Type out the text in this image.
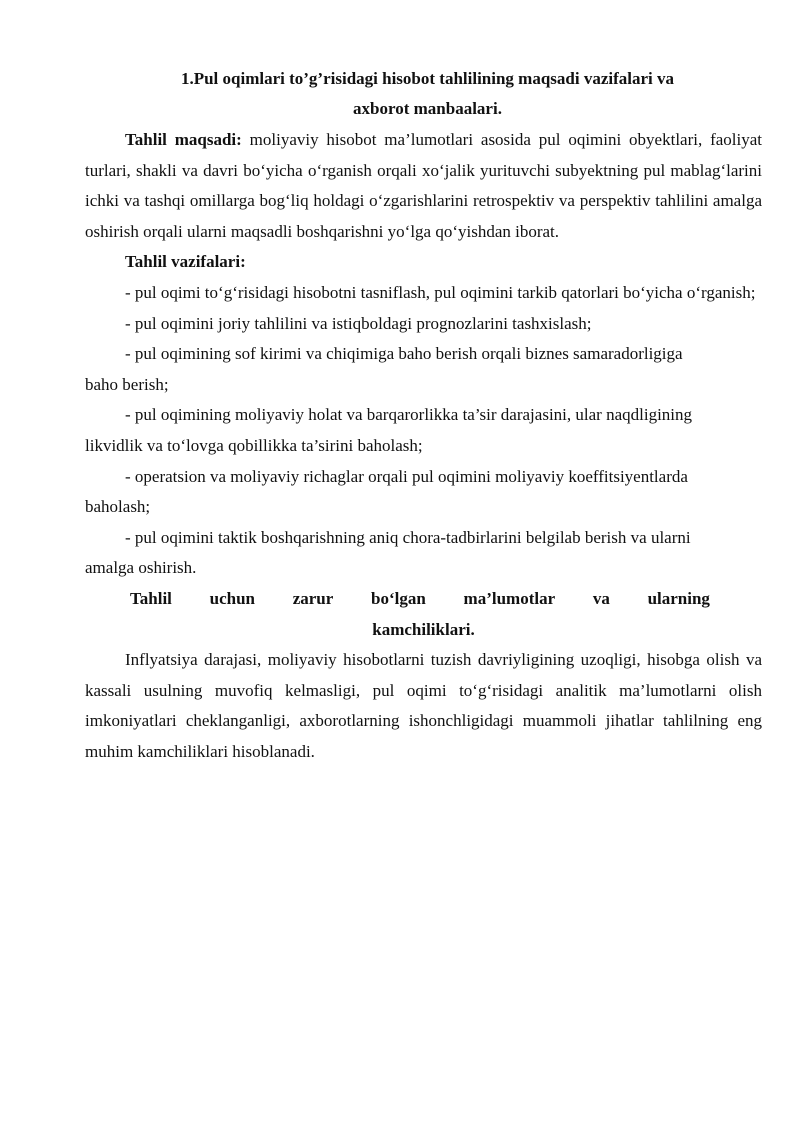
1.Pul oqimlari to’g’risidagi hisobot tahlilining maqsadi vazifalari va
axborot manbaalari.

Tahlil maqsadi: moliyaviy hisobot ma’lumotlari asosida pul oqimini obyektlari, faoliyat turlari, shakli va davri bo‘yicha o‘rganish orqali xo‘jalik yurituvchi subyektning pul mablag‘larini ichki va tashqi omillarga bog‘liq holdagi o‘zgarishlarini retrospektiv va perspektiv tahlilini amalga oshirish orqali ularni maqsadli boshqarishni yo‘lga qo‘yishdan iborat.

Tahlil vazifalari:
- pul oqimi to‘g‘risidagi hisobotni tasniflash, pul oqimini tarkib qatorlari bo‘yicha o‘rganish;
- pul oqimini joriy tahlilini va istiqboldagi prognozlarini tashxislash;
- pul oqimining sof kirimi va chiqimiga baho berish orqali biznes samaradorligiga baho berish;
- pul oqimining moliyaviy holat va barqarorlikka ta’sir darajasini, ular naqdligining likvidlik va to‘lovga qobillikka ta’sirini baholash;
- operatsion va moliyaviy richaglar orqali pul oqimini moliyaviy koeffitsiyentlarda baholash;
- pul oqimini taktik boshqarishning aniq chora-tadbirlarini belgilab berish va ularni amalga oshirish.
Tahlil uchun zarur bo‘lgan ma’lumotlar va ularning
kamchiliklari.

Inflyatsiya darajasi, moliyaviy hisobotlarni tuzish davriyligining uzoqligi, hisobga olish va kassali usulning muvofiq kelmasligi, pul oqimi to‘g‘risidagi analitik ma’lumotlarni olish imkoniyatlari cheklanganligi, axborotlarning ishonchligidagi muammoli jihatlar tahlilning eng muhim kamchiliklari hisoblanadi.
